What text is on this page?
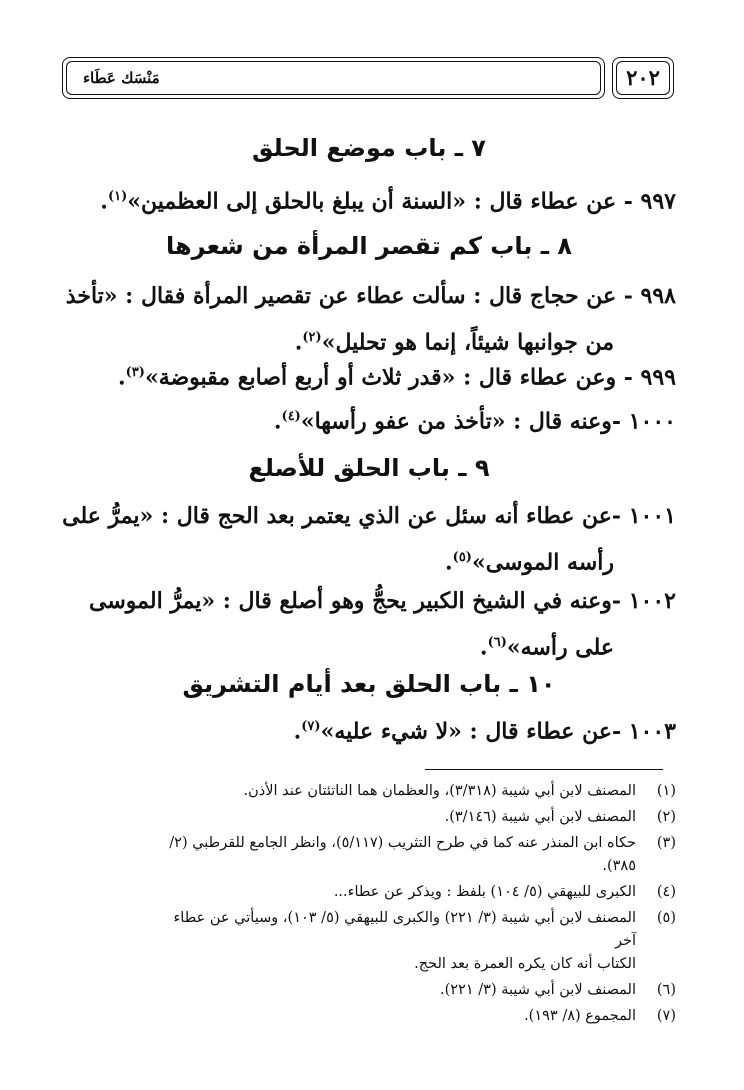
مَنْسَك عَطَاء	٢٠٢
٧ ـ باب موضع الحلق
٩٩٧ - عن عطاء قال : «السنة أن يبلغ بالحلق إلى العظمين»$^{(١)}$.
٨ ـ باب كم تقصر المرأة من شعرها
٩٩٨ - عن حجاج قال : سألت عطاء عن تقصير المرأة فقال : «تأخذ
من جوانبها شيئاً، إنما هو تحليل»$^{(٢)}$.
٩٩٩ - وعن عطاء قال : «قدر ثلاث أو أربع أصابع مقبوضة»$^{(٣)}$.
١٠٠٠ -وعنه قال : «تأخذ من عفو رأسها»$^{(٤)}$.
٩ ـ باب الحلق للأصلع
١٠٠١ -عن عطاء أنه سئل عن الذي يعتمر بعد الحج قال : «يمرُّ على
رأسه الموسى»$^{(٥)}$.
١٠٠٢ -وعنه في الشيخ الكبير يحجُّ وهو أصلع قال : «يمرُّ الموسى
على رأسه»$^{(٦)}$.
١٠ ـ باب الحلق بعد أيام التشريق
١٠٠٣ -عن عطاء قال : «لا شيء عليه»$^{(٧)}$.
(١)
المصنف لابن أبي شيبة (٣/٣١٨)، والعظمان هما الناتئتان عند الأذن.
(٢)
المصنف لابن أبي شيبة (٣/١٤٦).
(٣)
حكاه ابن المنذر عنه كما في طرح التثريب (٥/١١٧)، وانظر الجامع للقرطبي (٢/
٣٨٥).
(٤)
الكبرى للبيهقي (٥/ ١٠٤) بلفظ : ويذكر عن عطاء...
(٥)
المصنف لابن أبي شيبة (٣/ ٢٢١) والكبرى للبيهقي (٥/ ١٠٣)، وسيأتي عن عطاء آخر
الكتاب أنه كان يكره العمرة بعد الحج.
(٦)
المصنف لابن أبي شيبة (٣/ ٢٢١).
(٧)
المجموع (٨/ ١٩٣).
